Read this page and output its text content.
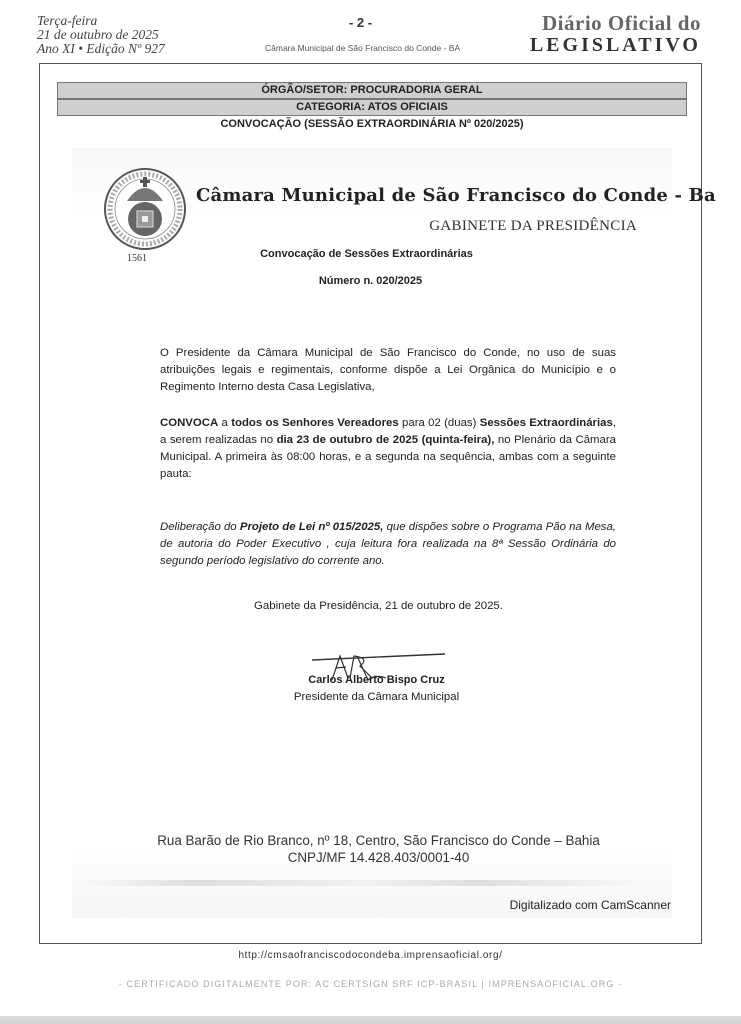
Terça-feira
21 de outubro de 2025
Ano XI • Edição Nº 927
- 2 -
Câmara Municipal de São Francisco do Conde - BA
Diário Oficial do
LEGISLATIVO
ÓRGÃO/SETOR: PROCURADORIA GERAL
CATEGORIA: ATOS OFICIAIS
CONVOCAÇÃO (SESSÃO EXTRAORDINÁRIA Nº 020/2025)
1561
Câmara Municipal de São Francisco do Conde - Ba
GABINETE DA PRESIDÊNCIA
Convocação de Sessões Extraordinárias
Número n. 020/2025
O Presidente da Câmara Municipal de São Francisco do Conde, no uso de suas atribuições legais e regimentais, conforme dispõe a Lei Orgânica do Município e o Regimento Interno desta Casa Legislativa,
CONVOCA a todos os Senhores Vereadores para 02 (duas) Sessões Extraordinárias, a serem realizadas no dia 23 de outubro de 2025 (quinta-feira), no Plenário da Câmara Municipal. A primeira às 08:00 horas, e a segunda na sequência, ambas com a seguinte pauta:
Deliberação do Projeto de Lei nº 015/2025, que dispões sobre o Programa Pão na Mesa, de autoria do Poder Executivo , cuja leitura fora realizada na 8ª Sessão Ordinária do segundo período legislativo do corrente ano.
Gabinete da Presidência, 21 de outubro de 2025.
Carlos Alberto Bispo Cruz
Presidente da Câmara Municipal
Rua Barão de Rio Branco, nº 18, Centro, São Francisco do Conde – Bahia
CNPJ/MF 14.428.403/0001-40
Digitalizado com CamScanner
http://cmsaofranciscodocondeba.imprensaoficial.org/
- CERTIFICADO DIGITALMENTE POR: AC CERTSIGN SRF ICP-BRASIL | IMPRENSAOFICIAL.ORG -
